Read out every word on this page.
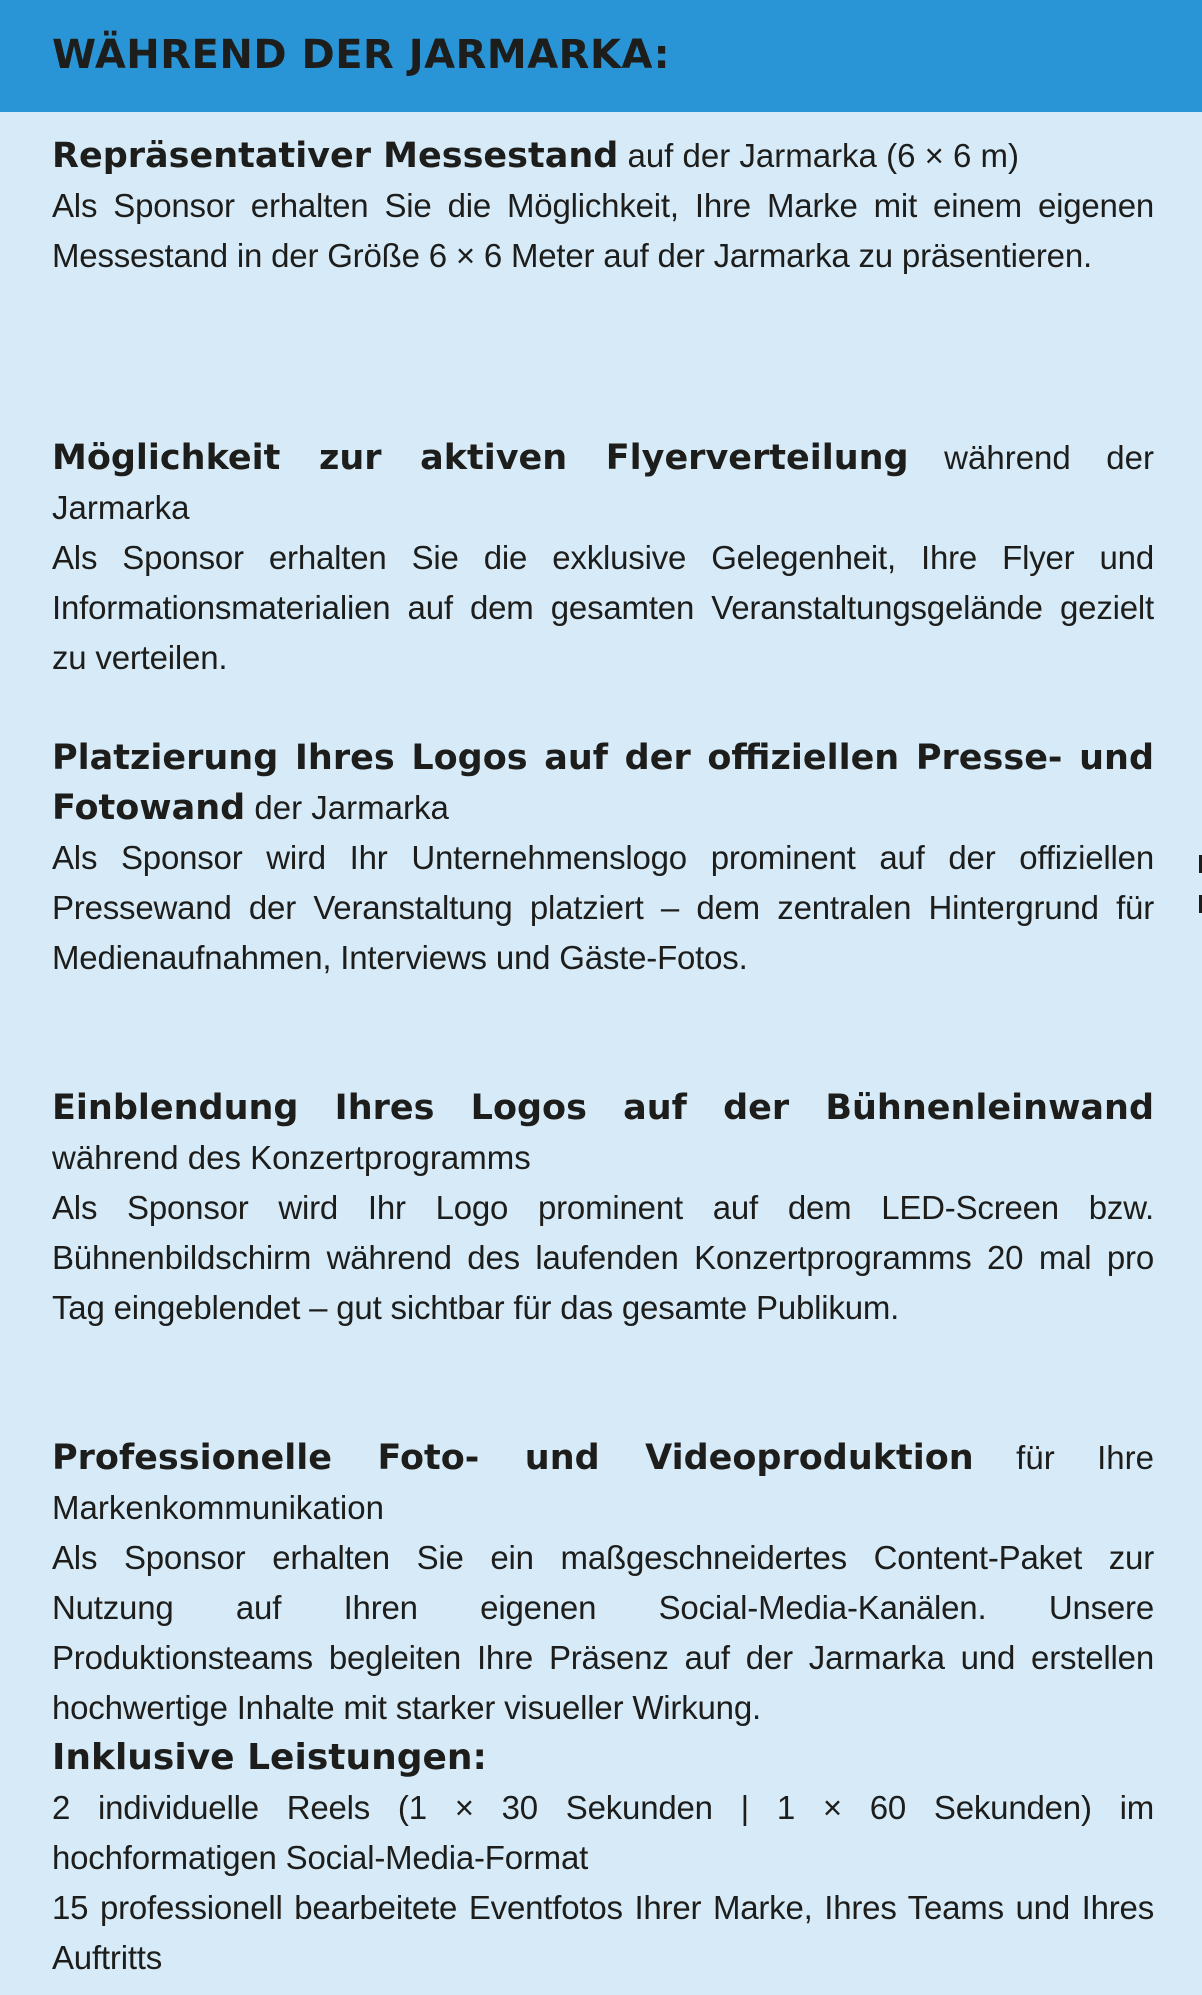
WÄHREND DER JARMARKA:
Repräsentativer Messestand auf der Jarmarka (6 × 6 m)
Als Sponsor erhalten Sie die Möglichkeit, Ihre Marke mit einem eigenen Messestand in der Größe 6 × 6 Meter auf der Jarmarka zu präsentieren.
Möglichkeit zur aktiven Flyerverteilung während der Jarmarka
Als Sponsor erhalten Sie die exklusive Gelegenheit, Ihre Flyer und Informationsmaterialien auf dem gesamten Veranstaltungsgelände gezielt zu verteilen.
Platzierung Ihres Logos auf der offiziellen Presse- und Fotowand der Jarmarka
Als Sponsor wird Ihr Unternehmenslogo prominent auf der offiziellen Pressewand der Veranstaltung platziert – dem zentralen Hintergrund für Medienaufnahmen, Interviews und Gäste-Fotos.
Einblendung Ihres Logos auf der Bühnenleinwand während des Konzertprogramms
Als Sponsor wird Ihr Logo prominent auf dem LED-Screen bzw. Bühnenbildschirm während des laufenden Konzertprogramms 20 mal pro Tag eingeblendet – gut sichtbar für das gesamte Publikum.
Professionelle Foto- und Videoproduktion für Ihre Markenkommunikation
Als Sponsor erhalten Sie ein maßgeschneidertes Content-Paket zur Nutzung auf Ihren eigenen Social-Media-Kanälen. Unsere Produktionsteams begleiten Ihre Präsenz auf der Jarmarka und erstellen hochwertige Inhalte mit starker visueller Wirkung.
Inklusive Leistungen:
2 individuelle Reels (1 × 30 Sekunden | 1 × 60 Sekunden) im hochformatigen Social-Media-Format
15 professionell bearbeitete Eventfotos Ihrer Marke, Ihres Teams und Ihres Auftritts
